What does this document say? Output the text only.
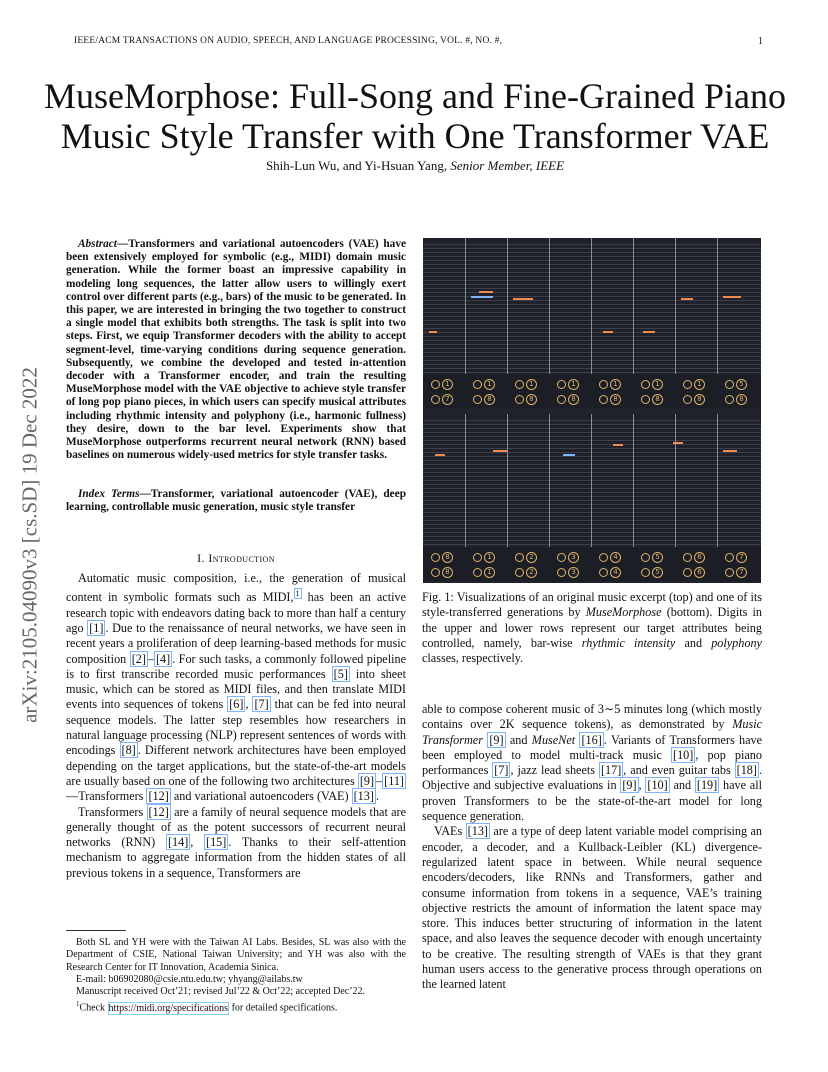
IEEE/ACM TRANSACTIONS ON AUDIO, SPEECH, AND LANGUAGE PROCESSING, VOL. #, NO. #,	1
MuseMorphose: Full-Song and Fine-Grained Piano
Music Style Transfer with One Transformer VAE
Shih-Lun Wu, and Yi-Hsuan Yang, Senior Member, IEEE
arXiv:2105.04090v3 [cs.SD] 19 Dec 2022
Abstract—Transformers and variational autoencoders (VAE) have been extensively employed for symbolic (e.g., MIDI) domain music generation. While the former boast an impressive capability in modeling long sequences, the latter allow users to willingly exert control over different parts (e.g., bars) of the music to be generated. In this paper, we are interested in bringing the two together to construct a single model that exhibits both strengths. The task is split into two steps. First, we equip Transformer decoders with the ability to accept segment-level, time-varying conditions during sequence generation. Subsequently, we combine the developed and tested in-attention decoder with a Transformer encoder, and train the resulting MuseMorphose model with the VAE objective to achieve style transfer of long pop piano pieces, in which users can specify musical attributes including rhythmic intensity and polyphony (i.e., harmonic fullness) they desire, down to the bar level. Experiments show that MuseMorphose outperforms recurrent neural network (RNN) based baselines on numerous widely-used metrics for style transfer tasks.
Index Terms—Transformer, variational autoencoder (VAE), deep learning, controllable music generation, music style transfer
I. Introduction

Automatic music composition, i.e., the generation of musical content in symbolic formats such as MIDI, $^1$ has been an active research topic with endeavors dating back to more than half a century ago [1] . Due to the renaissance of neural networks, we have seen in recent years a proliferation of deep learning-based methods for music composition [2] – [4] . For such tasks, a commonly followed pipeline is to first transcribe recorded music performances [5] into sheet music, which can be stored as MIDI files, and then translate MIDI events into sequences of tokens [6] , [7] that can be fed into neural sequence models. The latter step resembles how researchers in natural language processing (NLP) represent sentences of words with encodings [8] . Different network architectures have been employed depending on the target applications, but the state-of-the-art models are usually based on one of the following two architectures [9] – [11]—Transformers [12] and variational autoencoders (VAE) [13] .

Transformers [12] are a family of neural sequence models that are generally thought of as the potent successors of recurrent neural networks (RNN) [14] , [15] . Thanks to their self-attention mechanism to aggregate information from the hidden states of all previous tokens in a sequence, Transformers are

Both SL and YH were with the Taiwan AI Labs. Besides, SL was also with the Department of CSIE, National Taiwan University; and YH was also with the Research Center for IT Innovation, Academia Sinica.

E-mail: b06902080@csie.ntu.edu.tw; yhyang@ailabs.tw

Manuscript received Oct’21; revised Jul’22 & Oct’22; accepted Dec’22.

$^1$Check https://midi.org/specifications for detailed specifications.

1
7
1
8
1
8
1
8
1
8
1
8
1
8
5
8
8
8
1
1
2
2
3
3
4
4
5
5
6
6
7
7
Fig. 1: Visualizations of an original music excerpt (top) and one of its style-transferred generations by MuseMorphose (bottom). Digits in the upper and lower rows represent our target attributes being controlled, namely, bar-wise rhythmic intensity and polyphony classes, respectively.

able to compose coherent music of 3∼5 minutes long (which mostly contains over 2K sequence tokens), as demonstrated by Music Transformer [9] and MuseNet [16] . Variants of Transformers have been employed to model multi-track music [10] , pop piano performances [7] , jazz lead sheets [17] , and even guitar tabs [18] . Objective and subjective evaluations in [9] , [10] and [19] have all proven Transformers to be the state-of-the-art model for long sequence generation.

VAEs [13] are a type of deep latent variable model comprising an encoder, a decoder, and a Kullback-Leibler (KL) divergence-regularized latent space in between. While neural sequence encoders/decoders, like RNNs and Transformers, gather and consume information from tokens in a sequence, VAE’s training objective restricts the amount of information the latent space may store. This induces better structuring of information in the latent space, and also leaves the sequence decoder with enough uncertainty to be creative. The resulting strength of VAEs is that they grant human users access to the generative process through operations on the learned latent
